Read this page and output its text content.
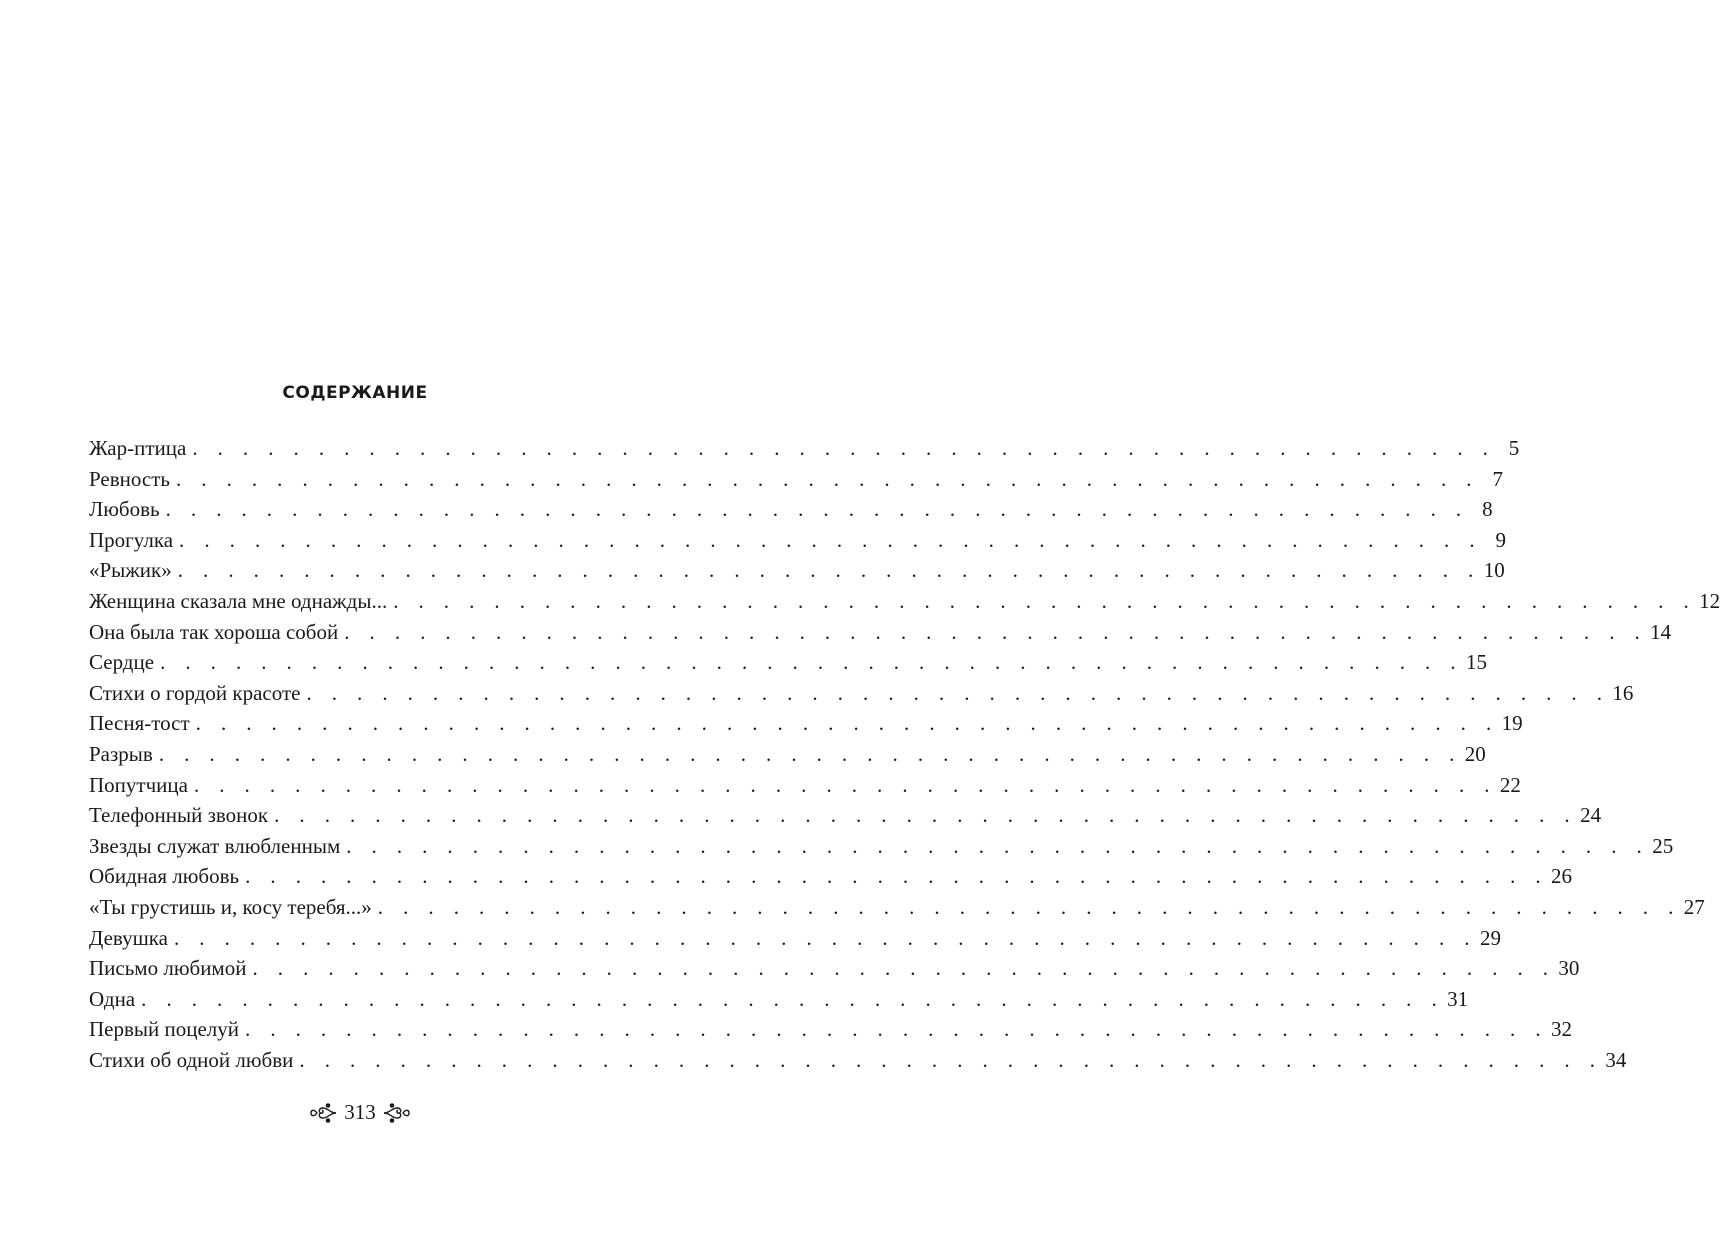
СОДЕРЖАНИЕ
Жар-птица . . . . . . . . . . . . . . . . . . . . . . . . . . . . . . . . . . . . . . . . . . . . . . . . . . . . 5
Ревность . . . . . . . . . . . . . . . . . . . . . . . . . . . . . . . . . . . . . . . . . . . . . . . . . . . . 7
Любовь . . . . . . . . . . . . . . . . . . . . . . . . . . . . . . . . . . . . . . . . . . . . . . . . . . . . 8
Прогулка . . . . . . . . . . . . . . . . . . . . . . . . . . . . . . . . . . . . . . . . . . . . . . . . . . . . 9
«Рыжик» . . . . . . . . . . . . . . . . . . . . . . . . . . . . . . . . . . . . . . . . . . . . . . . . . . . . 10
Женщина сказала мне однажды... . . . . . . . . . . . . . . . . . . . . . . . . . . . . . . . . . . . . . . . . . . . . . . . . . . . . 12
Она была так хороша собой . . . . . . . . . . . . . . . . . . . . . . . . . . . . . . . . . . . . . . . . . . . . . . . . . . . . 14
Сердце . . . . . . . . . . . . . . . . . . . . . . . . . . . . . . . . . . . . . . . . . . . . . . . . . . . . 15
Стихи о гордой красоте . . . . . . . . . . . . . . . . . . . . . . . . . . . . . . . . . . . . . . . . . . . . . . . . . . . . 16
Песня-тост . . . . . . . . . . . . . . . . . . . . . . . . . . . . . . . . . . . . . . . . . . . . . . . . . . . . 19
Разрыв . . . . . . . . . . . . . . . . . . . . . . . . . . . . . . . . . . . . . . . . . . . . . . . . . . . . 20
Попутчица . . . . . . . . . . . . . . . . . . . . . . . . . . . . . . . . . . . . . . . . . . . . . . . . . . . . 22
Телефонный звонок . . . . . . . . . . . . . . . . . . . . . . . . . . . . . . . . . . . . . . . . . . . . . . . . . . . . 24
Звезды служат влюбленным . . . . . . . . . . . . . . . . . . . . . . . . . . . . . . . . . . . . . . . . . . . . . . . . . . . . 25
Обидная любовь . . . . . . . . . . . . . . . . . . . . . . . . . . . . . . . . . . . . . . . . . . . . . . . . . . . . 26
«Ты грустишь и, косу теребя...» . . . . . . . . . . . . . . . . . . . . . . . . . . . . . . . . . . . . . . . . . . . . . . . . . . . . 27
Девушка . . . . . . . . . . . . . . . . . . . . . . . . . . . . . . . . . . . . . . . . . . . . . . . . . . . . 29
Письмо любимой . . . . . . . . . . . . . . . . . . . . . . . . . . . . . . . . . . . . . . . . . . . . . . . . . . . . 30
Одна . . . . . . . . . . . . . . . . . . . . . . . . . . . . . . . . . . . . . . . . . . . . . . . . . . . . 31
Первый поцелуй . . . . . . . . . . . . . . . . . . . . . . . . . . . . . . . . . . . . . . . . . . . . . . . . . . . . 32
Стихи об одной любви . . . . . . . . . . . . . . . . . . . . . . . . . . . . . . . . . . . . . . . . . . . . . . . . . . . . 34
313
